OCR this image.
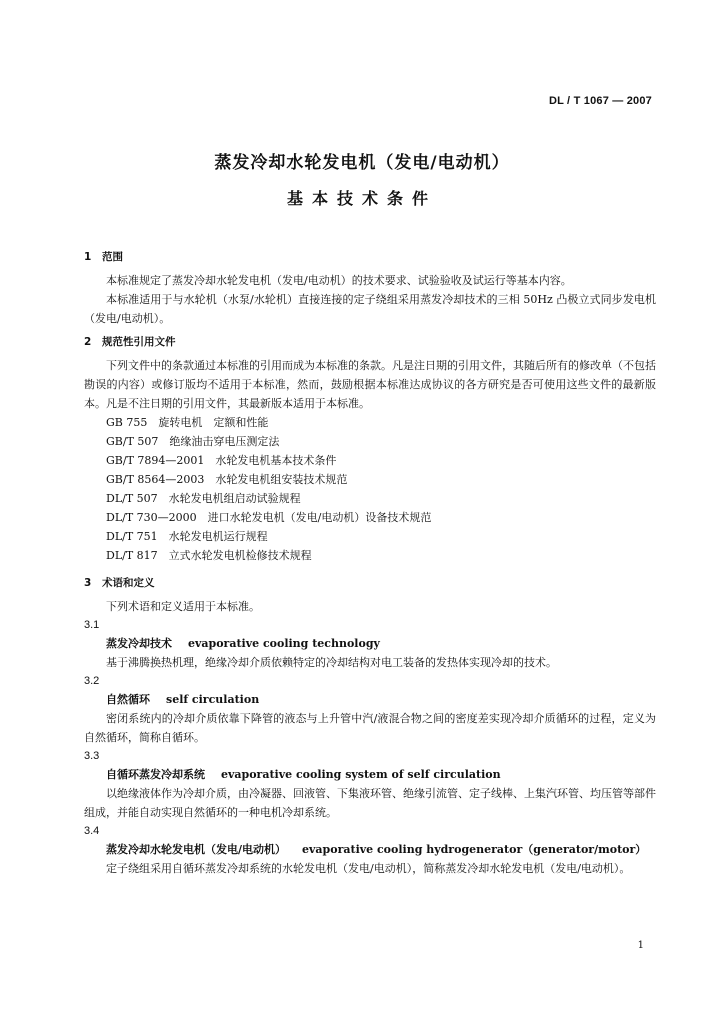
DL / T 1067 — 2007
蒸发冷却水轮发电机（发电/电动机）
基本技术条件

1 范围

本标准规定了蒸发冷却水轮发电机（发电/电动机）的技术要求、试验验收及试运行等基本内容。

本标准适用于与水轮机（水泵/水轮机）直接连接的定子绕组采用蒸发冷却技术的三相 50Hz 凸极立式同步发电机（发电/电动机）。

2 规范性引用文件

下列文件中的条款通过本标准的引用而成为本标准的条款。凡是注日期的引用文件，其随后所有的修改单（不包括勘误的内容）或修订版均不适用于本标准，然而，鼓励根据本标准达成协议的各方研究是否可使用这些文件的最新版本。凡是不注日期的引用文件，其最新版本适用于本标准。

GB 755　旋转电机　定额和性能

GB/T 507　绝缘油击穿电压测定法

GB/T 7894—2001　水轮发电机基本技术条件

GB/T 8564—2003　水轮发电机组安装技术规范

DL/T 507　水轮发电机组启动试验规程

DL/T 730—2000　进口水轮发电机（发电/电动机）设备技术规范

DL/T 751　水轮发电机运行规程

DL/T 817　立式水轮发电机检修技术规程

3 术语和定义

下列术语和定义适用于本标准。

3.1

蒸发冷却技术 evaporative cooling technology

基于沸腾换热机理，绝缘冷却介质依赖特定的冷却结构对电工装备的发热体实现冷却的技术。

3.2

自然循环 self circulation

密闭系统内的冷却介质依靠下降管的液态与上升管中汽/液混合物之间的密度差实现冷却介质循环的过程，定义为自然循环，简称自循环。

3.3

自循环蒸发冷却系统 evaporative cooling system of self circulation

以绝缘液体作为冷却介质，由冷凝器、回液管、下集液环管、绝缘引流管、定子线棒、上集汽环管、均压管等部件组成，并能自动实现自然循环的一种电机冷却系统。

3.4

蒸发冷却水轮发电机（发电/电动机） evaporative cooling hydrogenerator（generator/motor）

定子绕组采用自循环蒸发冷却系统的水轮发电机（发电/电动机），简称蒸发冷却水轮发电机（发电/电动机）。

1
